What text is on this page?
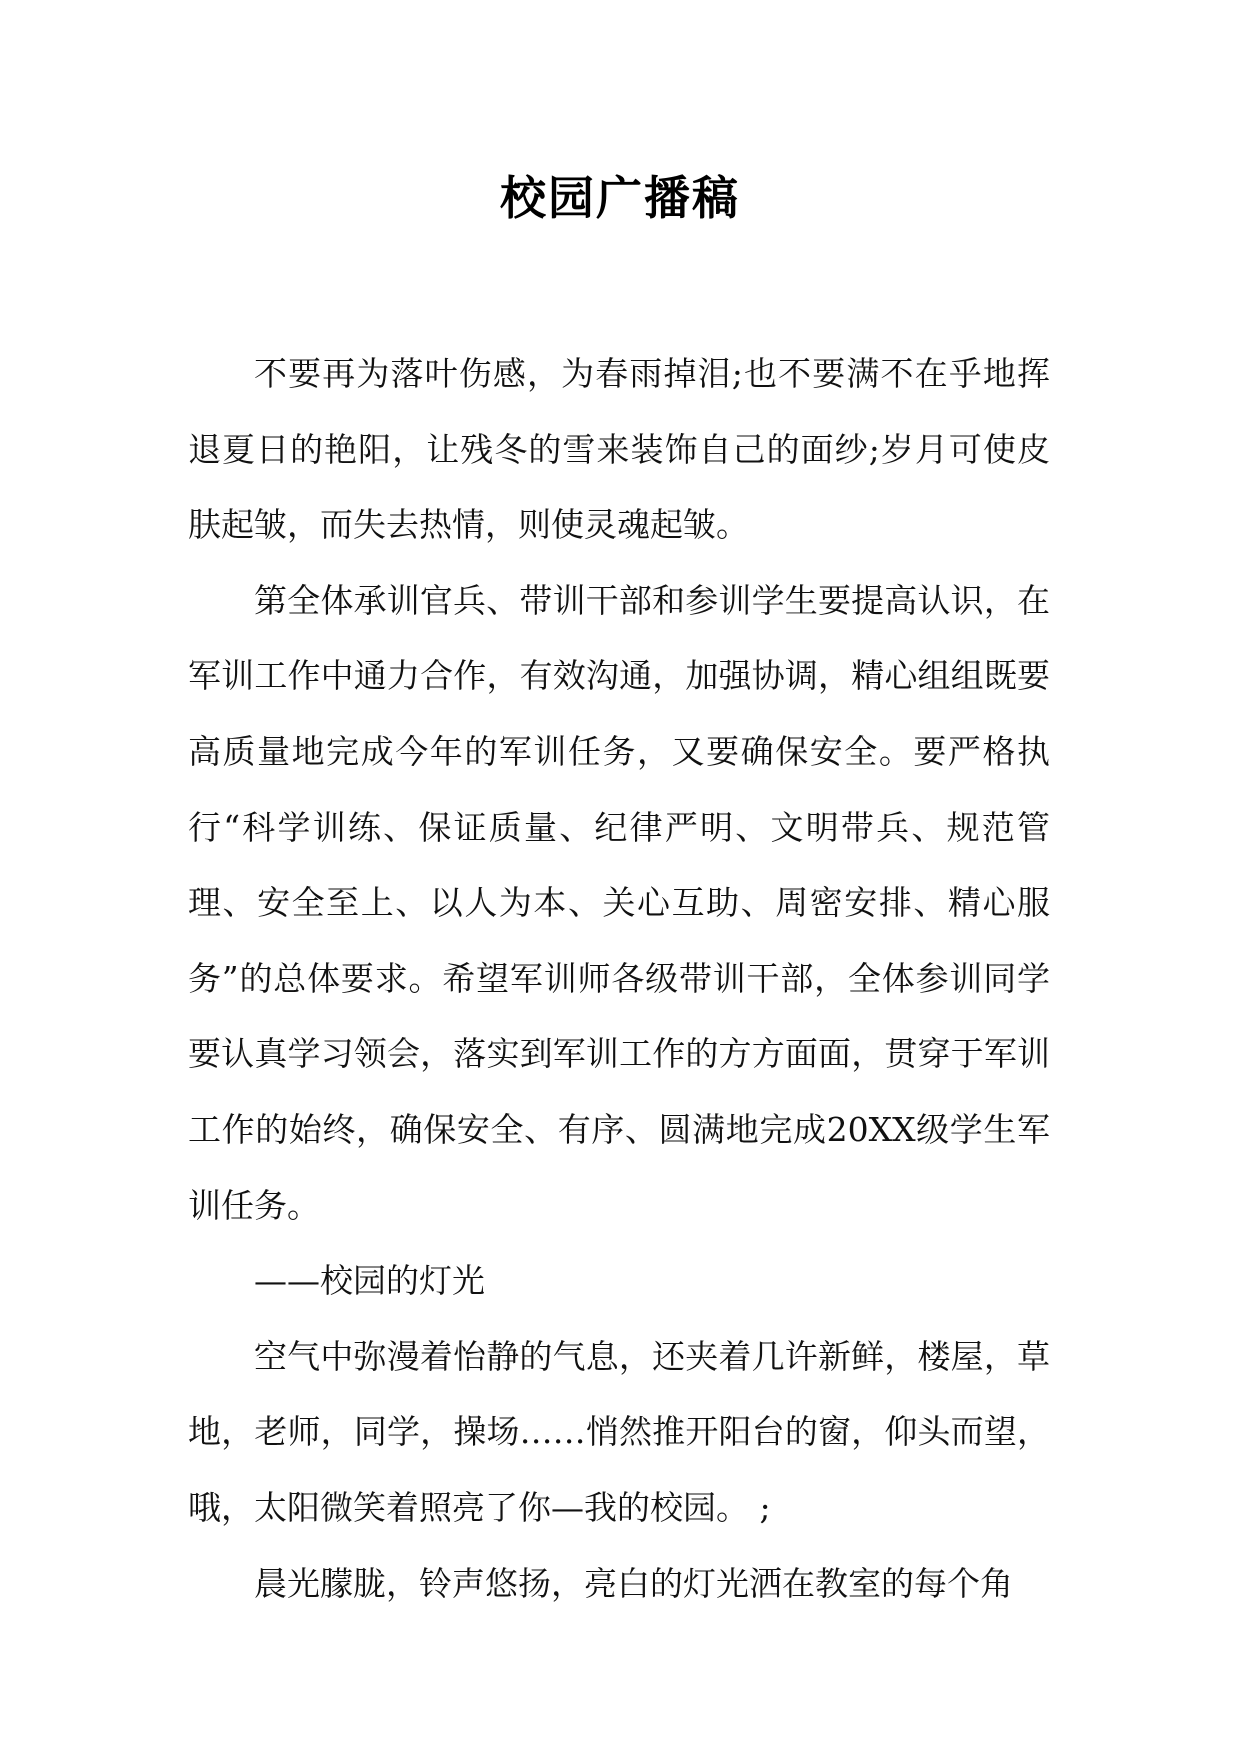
校园广播稿

不要再为落叶伤感，为春雨掉泪;也不要满不在乎地挥退夏日的艳阳，让残冬的雪来装饰自己的面纱;岁月可使皮肤起皱，而失去热情，则使灵魂起皱。

第全体承训官兵、带训干部和参训学生要提高认识，在军训工作中通力合作，有效沟通，加强协调，精心组组既要高质量地完成今年的军训任务，又要确保安全。要严格执行“科学训练、保证质量、纪律严明、文明带兵、规范管理、安全至上、以人为本、关心互助、周密安排、精心服务”的总体要求。希望军训师各级带训干部，全体参训同学要认真学习领会，落实到军训工作的方方面面，贯穿于军训工作的始终，确保安全、有序、圆满地完成20XX级学生军训任务。

——校园的灯光

空气中弥漫着怡静的气息，还夹着几许新鲜，楼屋，草地，老师，同学，操场……悄然推开阳台的窗，仰头而望，哦，太阳微笑着照亮了你—我的校园。 ;

晨光朦胧，铃声悠扬，亮白的灯光洒在教室的每个角
